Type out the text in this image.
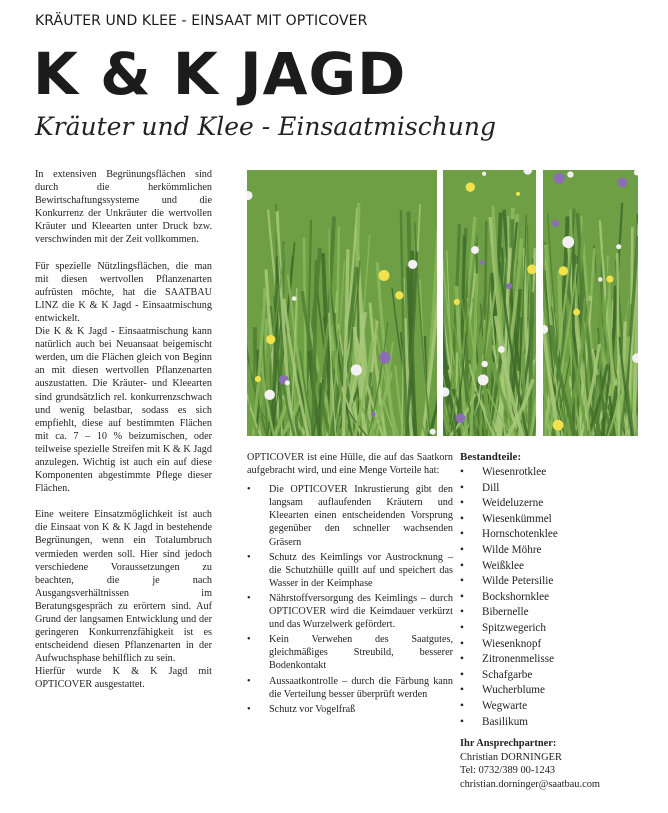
KRÄUTER UND KLEE - EINSAAT MIT OPTICOVER
K & K JAGD
Kräuter und Klee - Einsaatmischung

In extensiven Begrünungsflächen sind durch die herkömmlichen Bewirtschaftungssysteme und die Konkurrenz der Unkräuter die wertvollen Kräuter und Kleearten unter Druck bzw. verschwinden mit der Zeit vollkommen.

Für spezielle Nützlingsflächen, die man mit diesen wertvollen Pflanzenarten aufrüsten möchte, hat die SAATBAU LINZ die K & K Jagd - Einsaatmischung entwickelt.

Die K & K Jagd - Einsaatmischung kann natürlich auch bei Neuansaat beigemischt werden, um die Flächen gleich von Beginn an mit diesen wertvollen Pflanzenarten auszustatten. Die Kräuter- und Kleearten sind grundsätzlich rel. konkurrenzschwach und wenig belastbar, sodass es sich empfiehlt, diese auf bestimmten Flächen mit ca. 7 – 10 % beizumischen, oder teilweise spezielle Streifen mit K & K Jagd anzulegen. Wichtig ist auch ein auf diese Komponenten abgestimmte Pflege dieser Flächen.

Eine weitere Einsatzmöglichkeit ist auch die Einsaat von K & K Jagd in bestehende Begrünungen, wenn ein Totalumbruch vermieden werden soll. Hier sind jedoch verschiedene Voraussetzungen zu beachten, die je nach Ausgangsverhältnissen im Beratungsgespräch zu erörtern sind. Auf Grund der langsamen Entwicklung und der geringeren Konkurrenzfähigkeit ist es entscheidend diesen Pflanzenarten in der Aufwuchsphase behilflich zu sein.

Hierfür wurde K & K Jagd mit OPTICOVER ausgestattet.

OPTICOVER ist eine Hülle, die auf das Saatkorn aufgebracht wird, und eine Menge Vorteile hat:

• Die OPTICOVER Inkrustierung gibt den langsam auflaufenden Kräutern und Kleearten einen entscheidenden Vorsprung gegenüber den schneller wachsenden Gräsern
• Schutz des Keimlings vor Austrocknung – die Schutzhülle quillt auf und speichert das Wasser in der Keimphase
• Nährstoffversorgung des Keimlings – durch OPTICOVER wird die Keimdauer verkürzt und das Wurzelwerk gefördert.
• Kein Verwehen des Saatgutes, gleichmäßiges Streubild, besserer Bodenkontakt
• Aussaatkontrolle – durch die Färbung kann die Verteilung besser überprüft werden
• Schutz vor Vogelfraß
Bestandteile:
• Wiesenrotklee
• Dill
• Weideluzerne
• Wiesenkümmel
• Hornschotenklee
• Wilde Möhre
• Weißklee
• Wilde Petersilie
• Bockshornklee
• Bibernelle
• Spitzwegerich
• Wiesenknopf
• Zitronenmelisse
• Schafgarbe
• Wucherblume
• Wegwarte
• Basilikum
Ihr Ansprechpartner:
Christian DORNINGER
Tel: 0732/389 00-1243
christian.dorninger@saatbau.com
